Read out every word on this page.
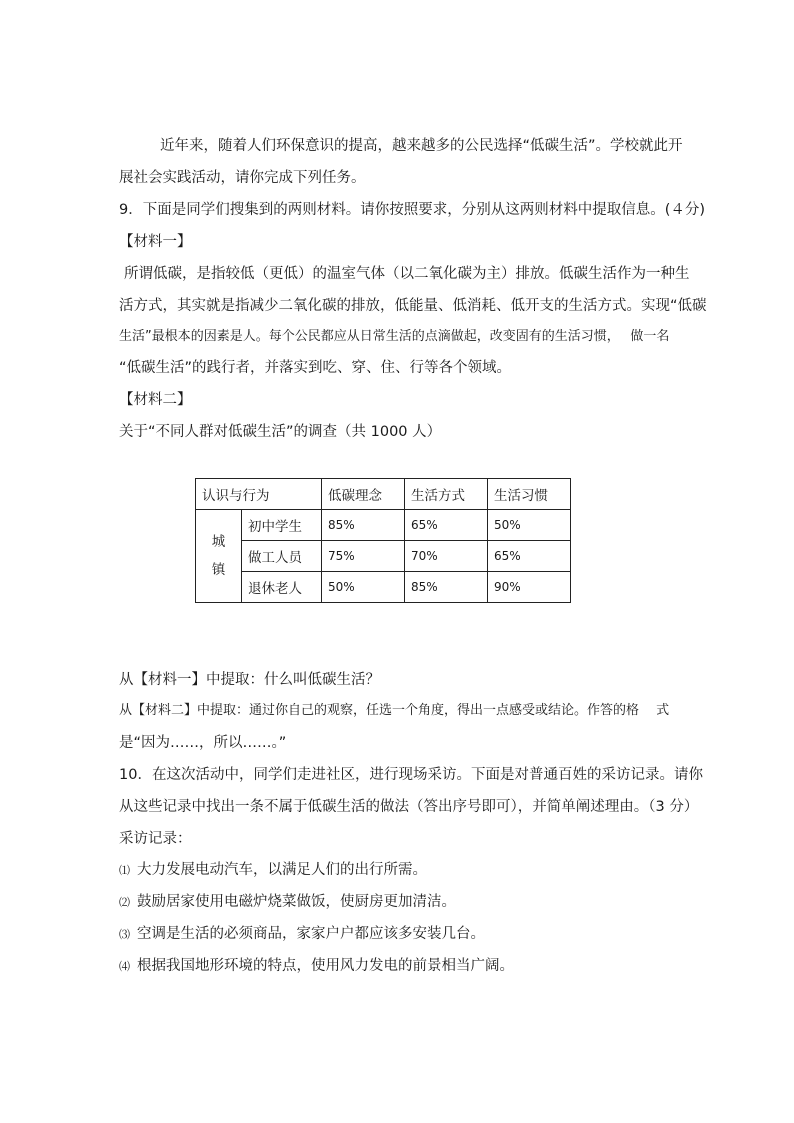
近年来，随着人们环保意识的提高，越来越多的公民选择“低碳生活”。学校就此开
展社会实践活动，请你完成下列任务。
9．下面是同学们搜集到的两则材料。请你按照要求，分别从这两则材料中提取信息。(４分)
【材料一】
所谓低碳，是指较低（更低）的温室气体（以二氧化碳为主）排放。低碳生活作为一种生
活方式，其实就是指减少二氧化碳的排放，低能量、低消耗、低开支的生活方式。实现“低碳
生活”最根本的因素是人。每个公民都应从日常生活的点滴做起，改变固有的生活习惯，　 做一名
“低碳生活”的践行者，并落实到吃、穿、住、行等各个领域。
【材料二】
关于“不同人群对低碳生活”的调查（共 1000 人）
认识与行为		低碳理念	生活方式	生活习惯
城
镇	初中学生	85%	65%	50%
	做工人员	75%	70%	65%
	退休老人	50%	85%	90%
从【材料一】中提取：什么叫低碳生活？
从【材料二】中提取：通过你自己的观察，任选一个角度，得出一点感受或结论。作答的格　 式
是“因为……，所以……。”
10．在这次活动中，同学们走进社区，进行现场采访。下面是对普通百姓的采访记录。请你
从这些记录中找出一条不属于低碳生活的做法（答出序号即可），并简单阐述理由。（3 分）
采访记录：
⑴ 大力发展电动汽车，以满足人们的出行所需。
⑵ 鼓励居家使用电磁炉烧菜做饭，使厨房更加清洁。
⑶ 空调是生活的必须商品，家家户户都应该多安装几台。
⑷ 根据我国地形环境的特点，使用风力发电的前景相当广阔。
